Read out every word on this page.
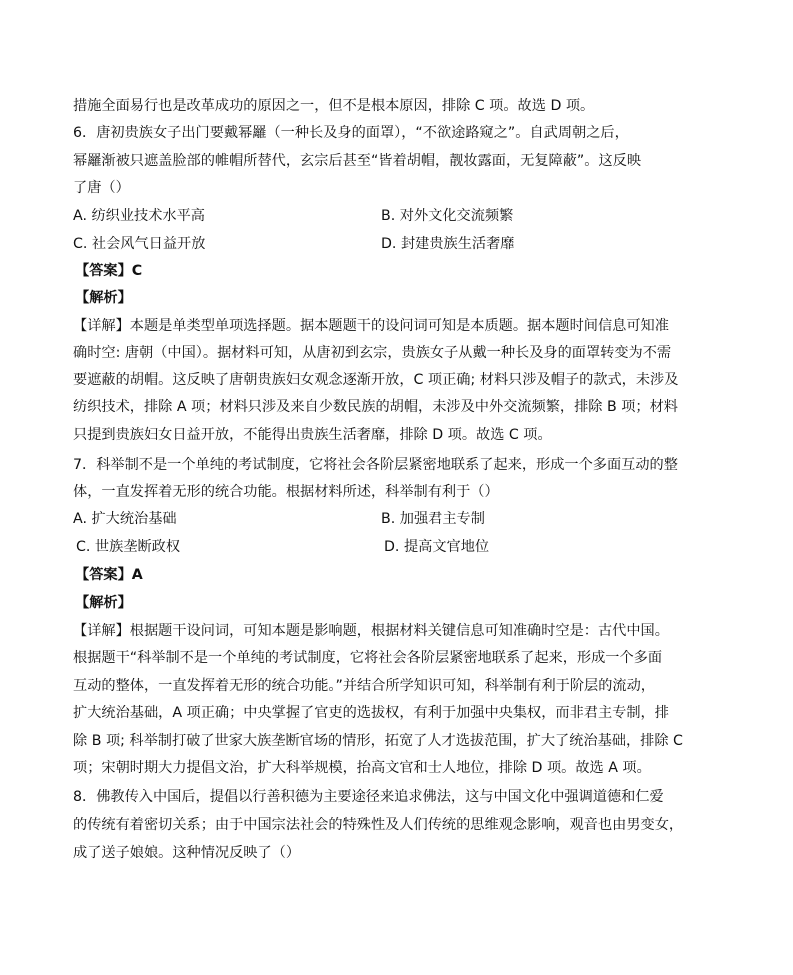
措施全面易行也是改革成功的原因之一，但不是根本原因，排除 C 项。故选 D 项。
6．唐初贵族女子出门要戴幂䍦（一种长及身的面罩），“不欲途路窥之”。自武周朝之后，
幂䍦渐被只遮盖脸部的帷帽所替代，玄宗后甚至“皆着胡帽，靓妆露面，无复障蔽”。这反映
了唐（）
A. 纺织业技术水平高	B. 对外文化交流频繁
C. 社会风气日益开放	D. 封建贵族生活奢靡
【答案】C
【解析】
【详解】本题是单类型单项选择题。据本题题干的设问词可知是本质题。据本题时间信息可知准
确时空: 唐朝（中国）。据材料可知，从唐初到玄宗，贵族女子从戴一种长及身的面罩转变为不需
要遮蔽的胡帽。这反映了唐朝贵族妇女观念逐渐开放，C 项正确; 材料只涉及帽子的款式，未涉及
纺织技术，排除 A 项；材料只涉及来自少数民族的胡帽，未涉及中外交流频繁，排除 B 项；材料
只提到贵族妇女日益开放，不能得出贵族生活奢靡，排除 D 项。故选 C 项。
7．科举制不是一个单纯的考试制度，它将社会各阶层紧密地联系了起来，形成一个多面互动的整
体，一直发挥着无形的统合功能。根据材料所述，科举制有利于（）
A. 扩大统治基础	B. 加强君主专制
C. 世族垄断政权	D. 提高文官地位
【答案】A
【解析】
【详解】根据题干设问词，可知本题是影响题，根据材料关键信息可知准确时空是：古代中国。
根据题干“科举制不是一个单纯的考试制度，它将社会各阶层紧密地联系了起来，形成一个多面
互动的整体，一直发挥着无形的统合功能。”并结合所学知识可知，科举制有利于阶层的流动，
扩大统治基础，A 项正确；中央掌握了官吏的选拔权，有利于加强中央集权，而非君主专制，排
除 B 项; 科举制打破了世家大族垄断官场的情形，拓宽了人才选拔范围，扩大了统治基础，排除 C
项；宋朝时期大力提倡文治，扩大科举规模，抬高文官和士人地位，排除 D 项。故选 A 项。
8．佛教传入中国后，提倡以行善积德为主要途径来追求佛法，这与中国文化中强调道德和仁爱
的传统有着密切关系；由于中国宗法社会的特殊性及人们传统的思维观念影响，观音也由男变女，
成了送子娘娘。这种情况反映了（）
